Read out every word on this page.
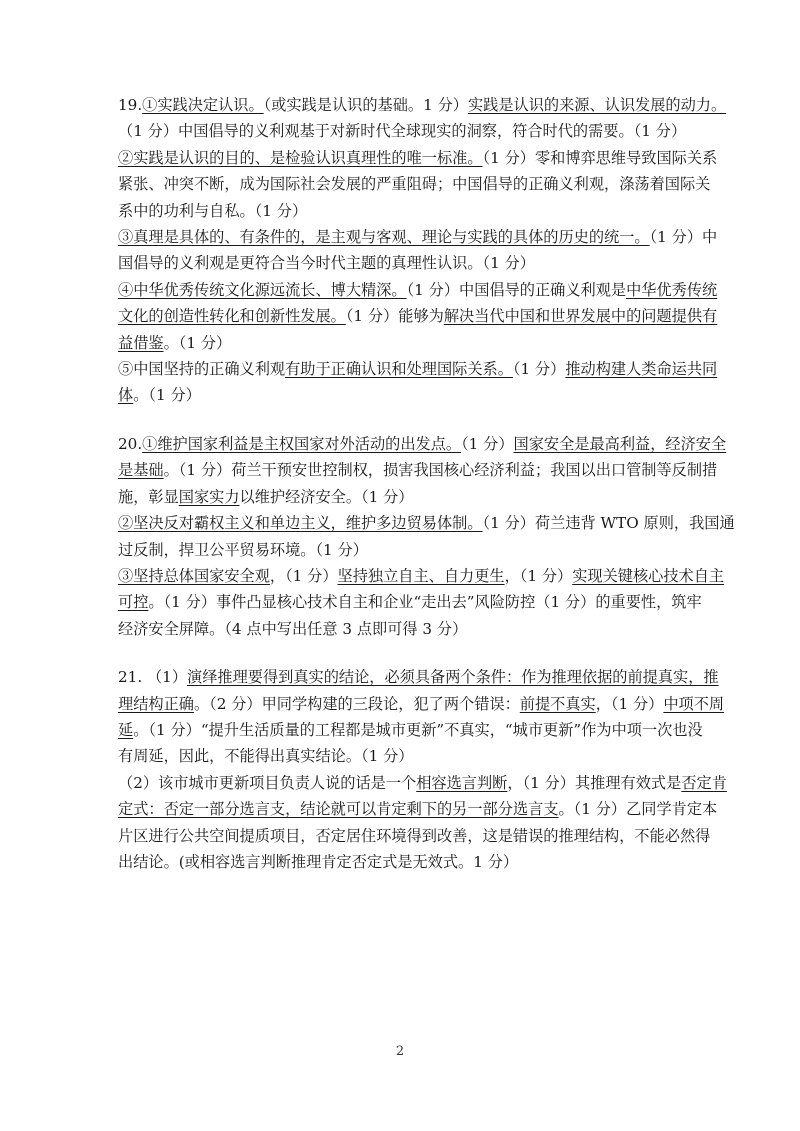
19.①实践决定认识。（或实践是认识的基础。1 分）实践是认识的来源、认识发展的动力。
（1 分）中国倡导的义利观基于对新时代全球现实的洞察，符合时代的需要。（1 分）
②实践是认识的目的、是检验认识真理性的唯一标准。（1 分）零和博弈思维导致国际关系
紧张、冲突不断，成为国际社会发展的严重阻碍；中国倡导的正确义利观，涤荡着国际关
系中的功利与自私。（1 分）
③真理是具体的、有条件的，是主观与客观、理论与实践的具体的历史的统一。（1 分）中
国倡导的义利观是更符合当今时代主题的真理性认识。（1 分）
④中华优秀传统文化源远流长、博大精深。（1 分）中国倡导的正确义利观是中华优秀传统
文化的创造性转化和创新性发展。（1 分）能够为解决当代中国和世界发展中的问题提供有
益借鉴。（1 分）
⑤中国坚持的正确义利观有助于正确认识和处理国际关系。（1 分）推动构建人类命运共同
体。（1 分）
20.①维护国家利益是主权国家对外活动的出发点。（1 分）国家安全是最高利益，经济安全
是基础。（1 分）荷兰干预安世控制权，损害我国核心经济利益；我国以出口管制等反制措
施，彰显国家实力以维护经济安全。（1 分）
②坚决反对霸权主义和单边主义，维护多边贸易体制。（1 分）荷兰违背 WTO 原则，我国通
过反制，捍卫公平贸易环境。（1 分）
③坚持总体国家安全观，（1 分）坚持独立自主、自力更生，（1 分）实现关键核心技术自主
可控。（1 分）事件凸显核心技术自主和企业“走出去”风险防控（1 分）的重要性，筑牢
经济安全屏障。（4 点中写出任意 3 点即可得 3 分）
21. （1）演绎推理要得到真实的结论，必须具备两个条件：作为推理依据的前提真实，推
理结构正确。（2 分）甲同学构建的三段论，犯了两个错误：前提不真实，（1 分）中项不周
延。（1 分）“提升生活质量的工程都是城市更新”不真实，“城市更新”作为中项一次也没
有周延，因此，不能得出真实结论。（1 分）
（2）该市城市更新项目负责人说的话是一个相容选言判断，（1 分）其推理有效式是否定肯
定式：否定一部分选言支，结论就可以肯定剩下的另一部分选言支。（1 分）乙同学肯定本
片区进行公共空间提质项目，否定居住环境得到改善，这是错误的推理结构，不能必然得
出结论。(或相容选言判断推理肯定否定式是无效式。1 分）
2
